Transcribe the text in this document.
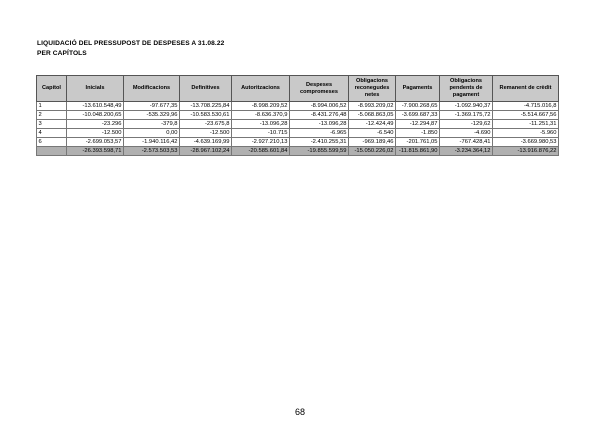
LIQUIDACIÓ DEL PRESSUPOST DE DESPESES A 31.08.22
PER CAPÍTOLS
Capítol	Inicials	Modificacions	Definitives	Autoritzacions	Despeses compromeses	Obligacions reconegudes netes	Pagaments	Obligacions pendents de pagament	Remanent de crèdit
1	-13.610.548,49	-97.677,35	-13.708.225,84	-8.998.209,52	-8.994.006,52	-8.993.209,02	-7.900.268,65	-1.092.940,37	-4.715.016,8
2	-10.048.200,65	-535.329,96	-10.583.530,61	-8.636.370,9	-8.431.276,48	-5.068.863,05	-3.699.687,33	-1.369.175,72	-5.514.667,56
3	-23.296	-379,8	-23.675,8	-13.096,28	-13.096,28	-12.424,49	-12.294,87	-129,62	-11.251,31
4	-12.500	0,00	-12.500	-10.715	-6.965	-6.540	-1.850	-4.690	-5.960
6	-2.699.053,57	-1.940.116,42	-4.639.169,99	-2.927.210,13	-2.410.255,31	-969.189,46	-201.761,05	-767.428,41	-3.669.980,53
	-26.393.598,71	-2.573.503,53	-28.967.102,24	-20.585.601,84	-19.855.599,59	-15.050.226,02	-11.815.861,90	-3.234.364,12	-13.916.876,22
68
